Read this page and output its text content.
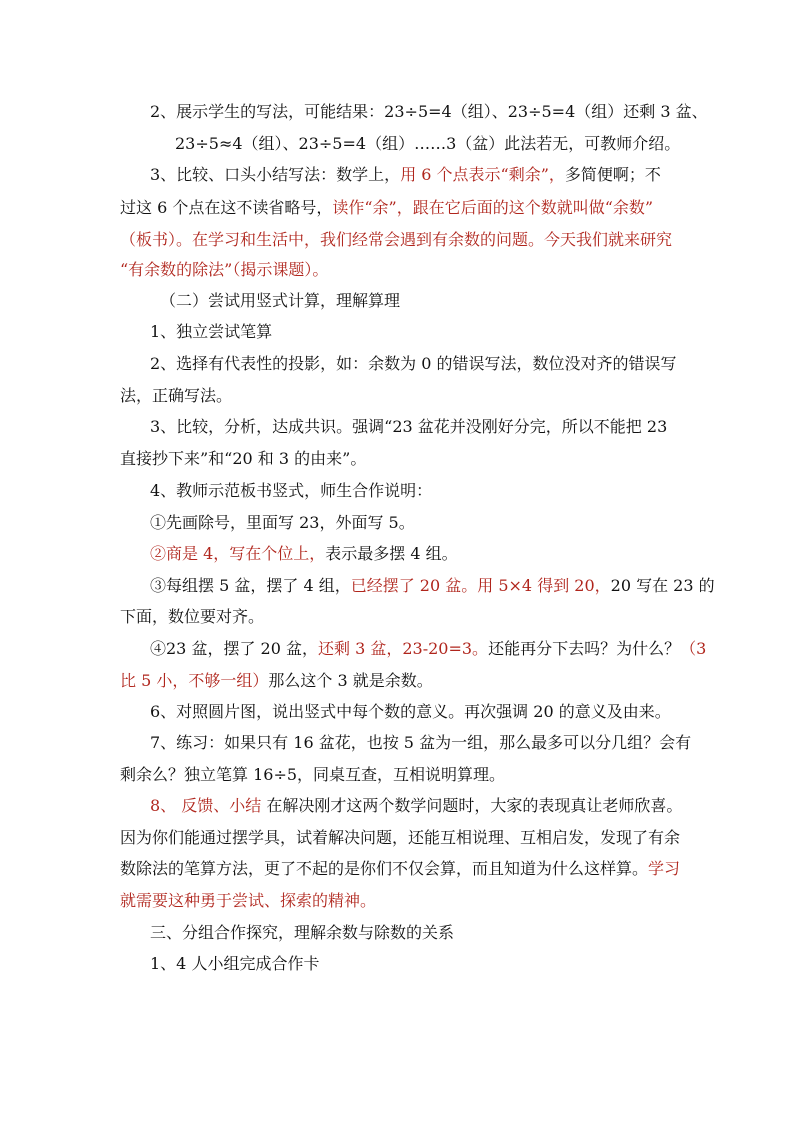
2、展示学生的写法，可能结果：23÷5=4（组）、23÷5=4（组）还剩 3 盆、
23÷5≈4（组）、23÷5=4（组）……3（盆）此法若无，可教师介绍。
3、比较、口头小结写法：数学上，用 6 个点表示“剩余”，多简便啊；不
过这 6 个点在这不读省略号，读作“余”，跟在它后面的这个数就叫做“余数”
（板书）。在学习和生活中，我们经常会遇到有余数的问题。今天我们就来研究
“有余数的除法”（揭示课题）。
（二）尝试用竖式计算，理解算理
1、独立尝试笔算
2、选择有代表性的投影，如：余数为 0 的错误写法，数位没对齐的错误写
法，正确写法。
3、比较，分析，达成共识。强调“23 盆花并没刚好分完，所以不能把 23
直接抄下来”和“20 和 3 的由来”。
4、教师示范板书竖式，师生合作说明：
①先画除号，里面写 23，外面写 5。
②商是 4，写在个位上，表示最多摆 4 组。
③每组摆 5 盆，摆了 4 组，已经摆了 20 盆。用 5×4 得到 20，20 写在 23 的
下面，数位要对齐。
④23 盆，摆了 20 盆，还剩 3 盆，23-20=3。还能再分下去吗？为什么？（3
比 5 小，不够一组）那么这个 3 就是余数。
6、对照圆片图，说出竖式中每个数的意义。再次强调 20 的意义及由来。
7、练习：如果只有 16 盆花，也按 5 盆为一组，那么最多可以分几组？会有
剩余么？独立笔算 16÷5，同桌互查，互相说明算理。
8、 反馈、小结 在解决刚才这两个数学问题时，大家的表现真让老师欣喜。
因为你们能通过摆学具，试着解决问题，还能互相说理、互相启发，发现了有余
数除法的笔算方法，更了不起的是你们不仅会算，而且知道为什么这样算。学习
就需要这种勇于尝试、探索的精神。
三、分组合作探究，理解余数与除数的关系
1、4 人小组完成合作卡
